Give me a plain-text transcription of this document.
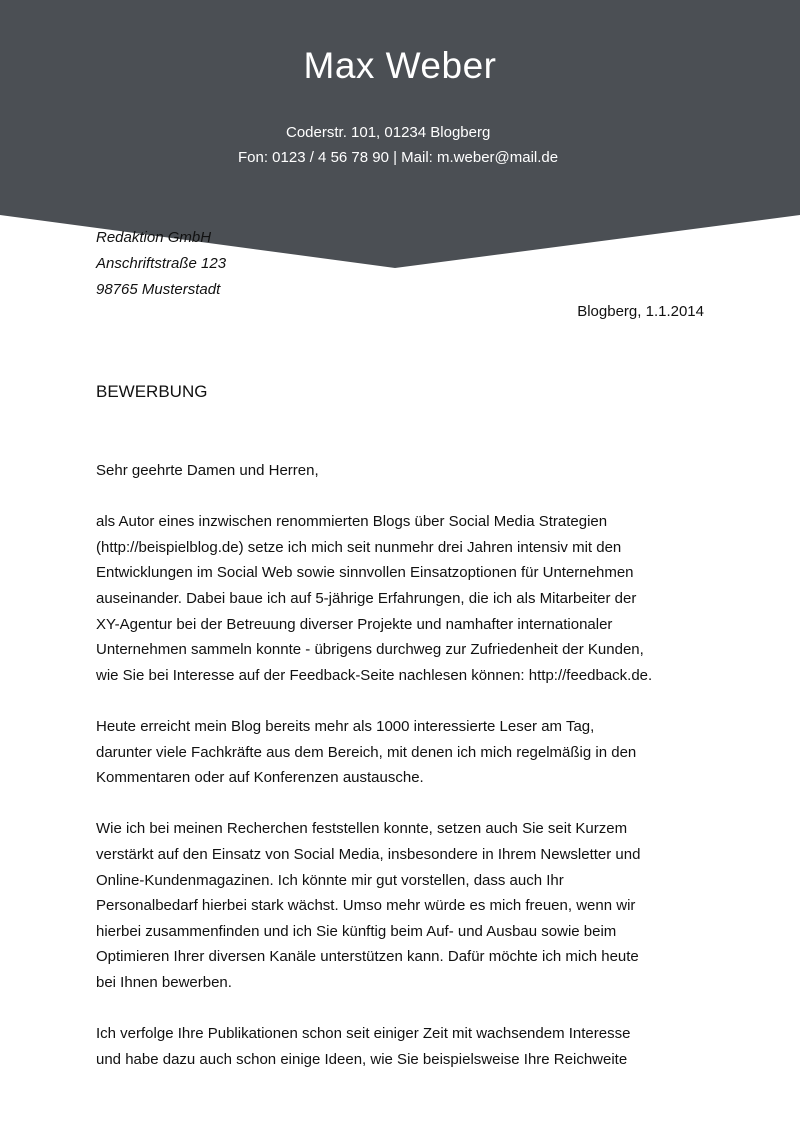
Max Weber
Coderstr. 101, 01234 Blogberg
Fon: 0123 / 4 56 78 90 | Mail: m.weber@mail.de
Redaktion GmbH
Anschriftstraße 123
98765 Musterstadt
Blogberg, 1.1.2014
BEWERBUNG

Sehr geehrte Damen und Herren,

als Autor eines inzwischen renommierten Blogs über Social Media Strategien
(http://beispielblog.de) setze ich mich seit nunmehr drei Jahren intensiv mit den
Entwicklungen im Social Web sowie sinnvollen Einsatzoptionen für Unternehmen
auseinander. Dabei baue ich auf 5-jährige Erfahrungen, die ich als Mitarbeiter der
XY-Agentur bei der Betreuung diverser Projekte und namhafter internationaler
Unternehmen sammeln konnte - übrigens durchweg zur Zufriedenheit der Kunden,
wie Sie bei Interesse auf der Feedback-Seite nachlesen können: http://feedback.de.

Heute erreicht mein Blog bereits mehr als 1000 interessierte Leser am Tag,
darunter viele Fachkräfte aus dem Bereich, mit denen ich mich regelmäßig in den
Kommentaren oder auf Konferenzen austausche.

Wie ich bei meinen Recherchen feststellen konnte, setzen auch Sie seit Kurzem
verstärkt auf den Einsatz von Social Media, insbesondere in Ihrem Newsletter und
Online-Kundenmagazinen. Ich könnte mir gut vorstellen, dass auch Ihr
Personalbedarf hierbei stark wächst. Umso mehr würde es mich freuen, wenn wir
hierbei zusammenfinden und ich Sie künftig beim Auf- und Ausbau sowie beim
Optimieren Ihrer diversen Kanäle unterstützen kann. Dafür möchte ich mich heute
bei Ihnen bewerben.

Ich verfolge Ihre Publikationen schon seit einiger Zeit mit wachsendem Interesse
und habe dazu auch schon einige Ideen, wie Sie beispielsweise Ihre Reichweite
